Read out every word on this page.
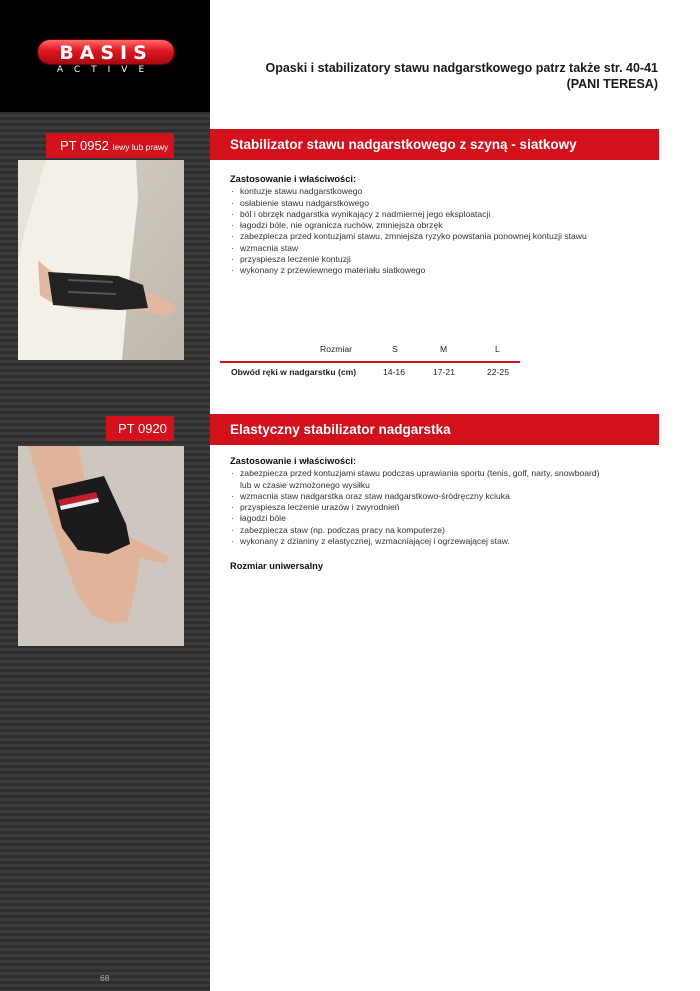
BASIS
ACTIVE	Opaski i stabilizatory stawu nadgarstkowego patrz także str. 40-41
(PANI TERESA)
PT 0952 lewy lub prawy	Stabilizator stawu nadgarstkowego z szyną - siatkowy
Zastosowanie i właściwości:
· kontuzje stawu nadgarstkowego
· osłabienie stawu nadgarstkowego
· ból i obrzęk nadgarstka wynikający z nadmiernej jego eksploatacji
· łagodzi bóle, nie ogranicza ruchów, zmniejsza obrzęk
· zabezpiecza przed kontuzjami stawu, zmniejsza ryzyko powstania ponownej kontuzji stawu
· wzmacnia staw
· przyspiesza leczenie kontuzji
· wykonany z przewiewnego materiału siatkowego
Rozmiar	S	M	L
Obwód ręki w nadgarstku (cm)	14-16	17-21	22-25
PT 0920	Elastyczny stabilizator nadgarstka
Zastosowanie i właściwości:
· zabezpiecza przed kontuzjami stawu podczas uprawiania sportu (tenis, golf, narty, snowboard) lub w czasie wzmożonego wysiłku
· wzmacnia staw nadgarstka oraz staw nadgarstkowo-śródręczny kciuka
· przyspiesza leczenie urazów i zwyrodnień
· łagodzi bóle
· zabezpiecza staw (np. podczas pracy na komputerze)
· wykonany z dzianiny z elastycznej, wzmacniającej i ogrzewającej staw.
Rozmiar uniwersalny
68
